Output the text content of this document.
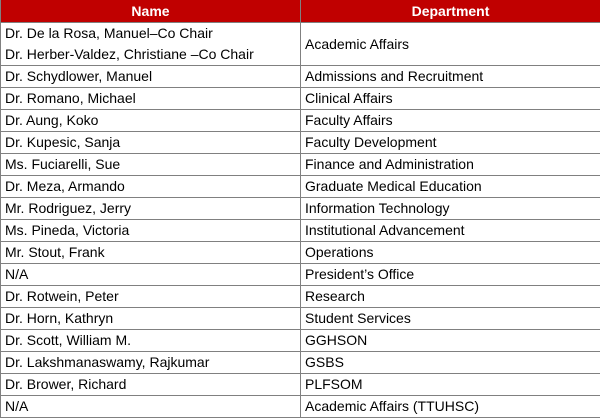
Name	Department

Dr. De la Rosa, Manuel–Co Chair
Dr. Herber-Valdez, Christiane –Co Chair	Academic Affairs

Dr. Schydlower, Manuel	Admissions and Recruitment

Dr. Romano, Michael	Clinical Affairs

Dr. Aung, Koko	Faculty Affairs

Dr. Kupesic, Sanja	Faculty Development

Ms. Fuciarelli, Sue	Finance and Administration

Dr. Meza, Armando	Graduate Medical Education

Mr. Rodriguez, Jerry	Information Technology

Ms. Pineda, Victoria	Institutional Advancement

Mr. Stout, Frank	Operations

N/A	President’s Office

Dr. Rotwein, Peter	Research

Dr. Horn, Kathryn	Student Services

Dr. Scott, William M.	GGHSON

Dr. Lakshmanaswamy, Rajkumar	GSBS

Dr. Brower, Richard	PLFSOM

N/A	Academic Affairs (TTUHSC)
